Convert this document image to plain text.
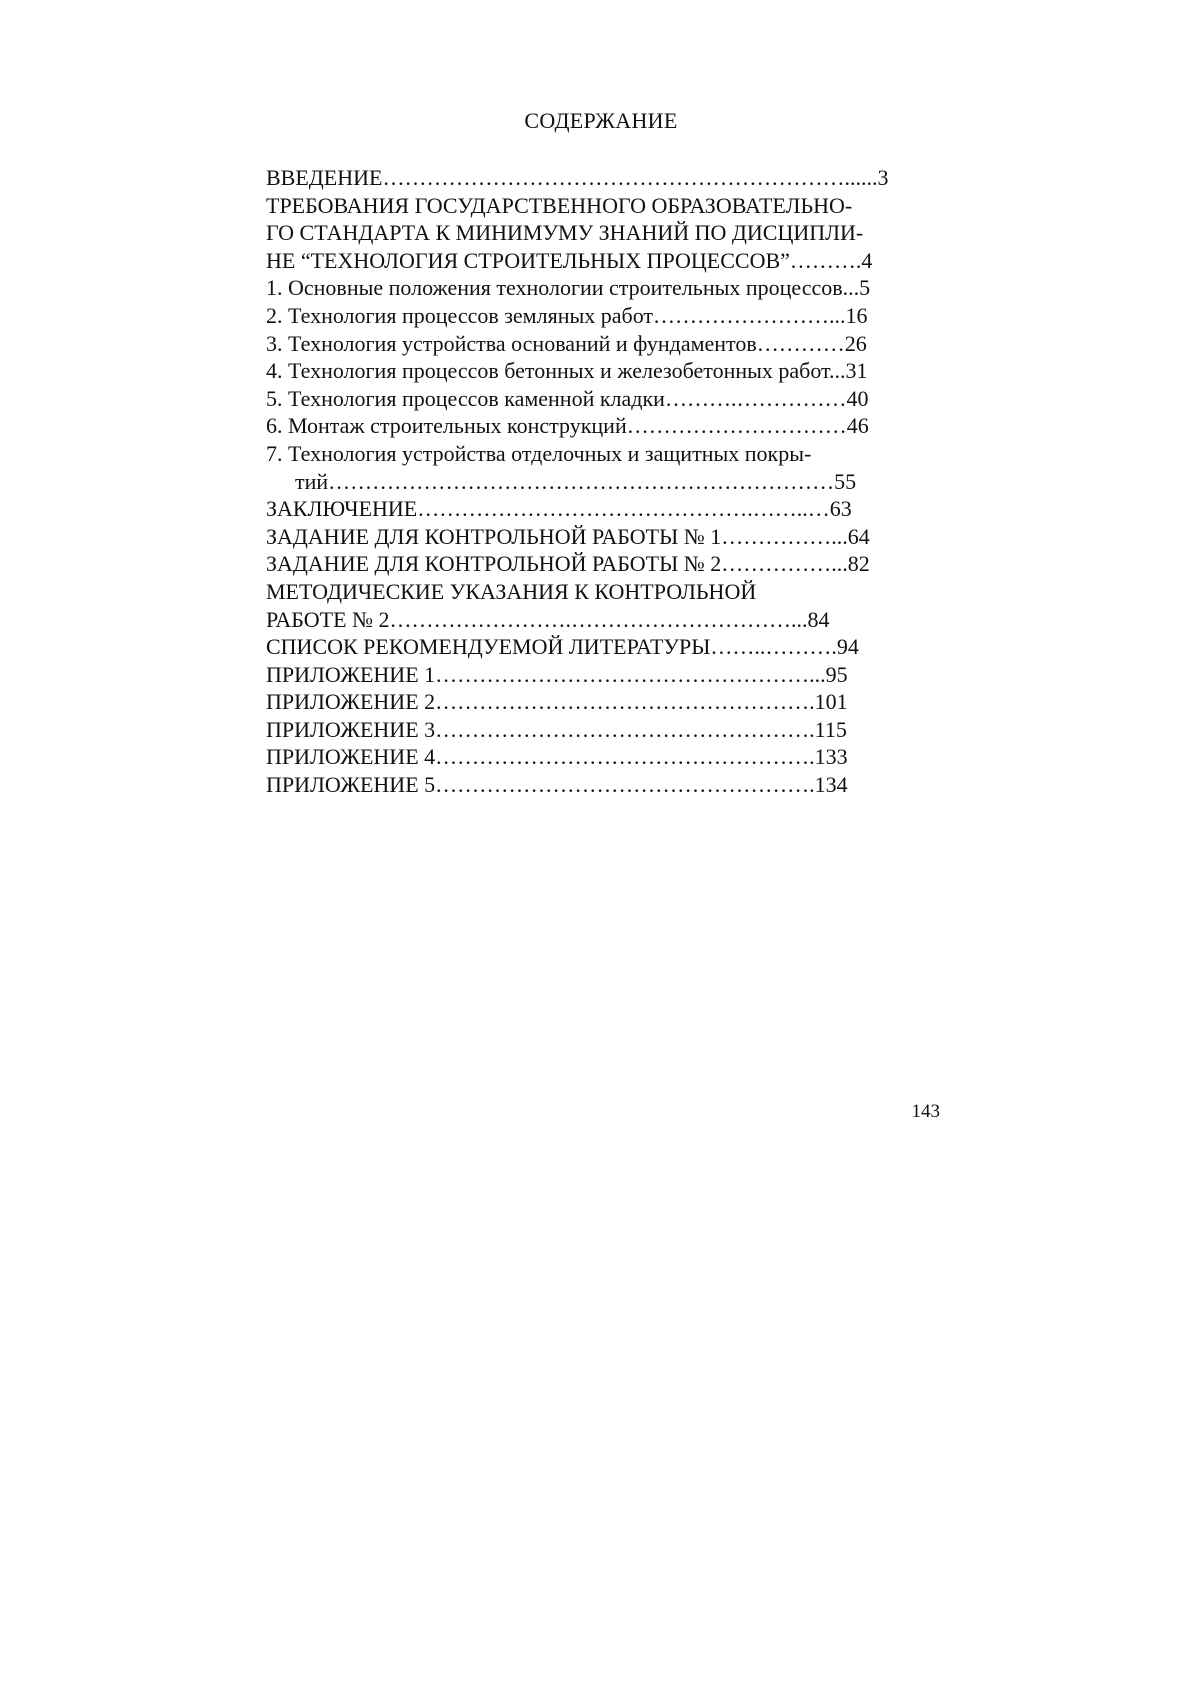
СОДЕРЖАНИЕ
ВВЕДЕНИЕ………………………………………………………......3
ТРЕБОВАНИЯ ГОСУДАРСТВЕННОГО ОБРАЗОВАТЕЛЬНО-
ГО СТАНДАРТА К МИНИМУМУ ЗНАНИЙ ПО ДИСЦИПЛИ-
НЕ “ТЕХНОЛОГИЯ СТРОИТЕЛЬНЫХ ПРОЦЕССОВ”……….4
1. Основные положения технологии строительных процессов...5
2. Технология процессов земляных работ……………………...16
3. Технология устройства оснований и фундаментов…………26
4. Технология процессов бетонных и железобетонных работ...31
5. Технология процессов каменной кладки……….……………40
6. Монтаж строительных конструкций…………………………46
7. Технология устройства отделочных и защитных покры-
тий……………………………………………………………55
ЗАКЛЮЧЕНИЕ……………………………………….……..…63
ЗАДАНИЕ ДЛЯ КОНТРОЛЬНОЙ РАБОТЫ № 1……………...64
ЗАДАНИЕ ДЛЯ КОНТРОЛЬНОЙ РАБОТЫ № 2……………...82
МЕТОДИЧЕСКИЕ УКАЗАНИЯ К КОНТРОЛЬНОЙ
РАБОТЕ № 2…………………….…………………………...84
СПИСОК РЕКОМЕНДУЕМОЙ ЛИТЕРАТУРЫ……..……….94
ПРИЛОЖЕНИЕ 1……………………………………………...95
ПРИЛОЖЕНИЕ 2…………………………………………….101
ПРИЛОЖЕНИЕ 3…………………………………………….115
ПРИЛОЖЕНИЕ 4…………………………………………….133
ПРИЛОЖЕНИЕ 5…………………………………………….134
143
